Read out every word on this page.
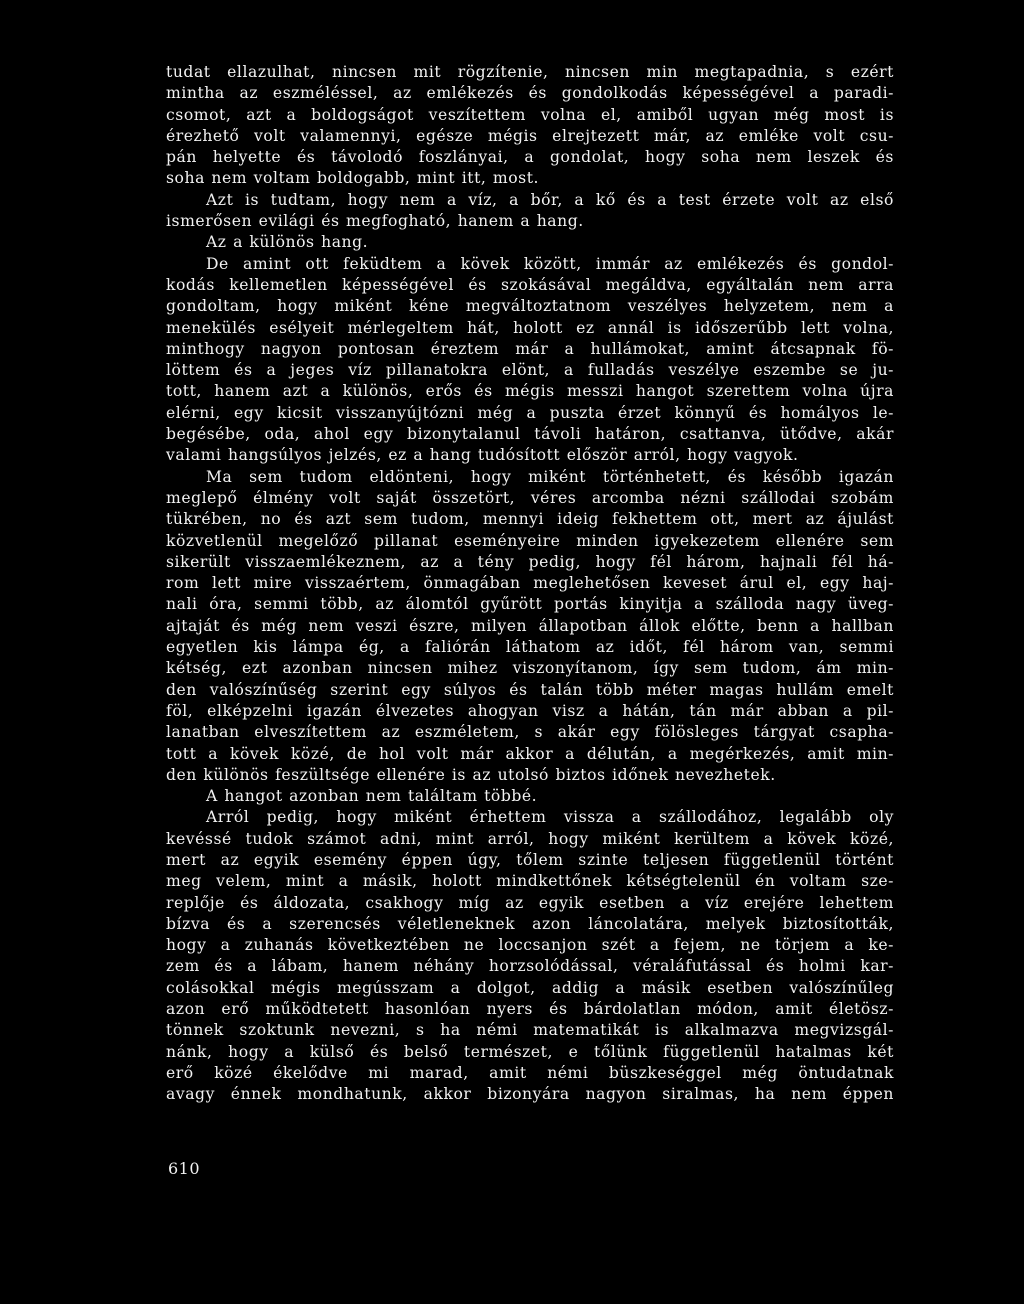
tudat ellazulhat, nincsen mit rögzítenie, nincsen min megtapadnia, s ezért
mintha az eszméléssel, az emlékezés és gondolkodás képességével a paradi-
csomot, azt a boldogságot veszítettem volna el, amiből ugyan még most is
érezhető volt valamennyi, egésze mégis elrejtezett már, az emléke volt csu-
pán helyette és távolodó foszlányai, a gondolat, hogy soha nem leszek és
soha nem voltam boldogabb, mint itt, most.

Azt is tudtam, hogy nem a víz, a bőr, a kő és a test érzete volt az első
ismerősen evilági és megfogható, hanem a hang.

Az a különös hang.

De amint ott feküdtem a kövek között, immár az emlékezés és gondol-
kodás kellemetlen képességével és szokásával megáldva, egyáltalán nem arra
gondoltam, hogy miként kéne megváltoztatnom veszélyes helyzetem, nem a
menekülés esélyeit mérlegeltem hát, holott ez annál is időszerűbb lett volna,
minthogy nagyon pontosan éreztem már a hullámokat, amint átcsapnak fö-
löttem és a jeges víz pillanatokra elönt, a fulladás veszélye eszembe se ju-
tott, hanem azt a különös, erős és mégis messzi hangot szerettem volna újra
elérni, egy kicsit visszanyújtózni még a puszta érzet könnyű és homályos le-
begésébe, oda, ahol egy bizonytalanul távoli határon, csattanva, ütődve, akár
valami hangsúlyos jelzés, ez a hang tudósított először arról, hogy vagyok.

Ma sem tudom eldönteni, hogy miként történhetett, és később igazán
meglepő élmény volt saját összetört, véres arcomba nézni szállodai szobám
tükrében, no és azt sem tudom, mennyi ideig fekhettem ott, mert az ájulást
közvetlenül megelőző pillanat eseményeire minden igyekezetem ellenére sem
sikerült visszaemlékeznem, az a tény pedig, hogy fél három, hajnali fél há-
rom lett mire visszaértem, önmagában meglehetősen keveset árul el, egy haj-
nali óra, semmi több, az álomtól gyűrött portás kinyitja a szálloda nagy üveg-
ajtaját és még nem veszi észre, milyen állapotban állok előtte, benn a hallban
egyetlen kis lámpa ég, a faliórán láthatom az időt, fél három van, semmi
kétség, ezt azonban nincsen mihez viszonyítanom, így sem tudom, ám min-
den valószínűség szerint egy súlyos és talán több méter magas hullám emelt
föl, elképzelni igazán élvezetes ahogyan visz a hátán, tán már abban a pil-
lanatban elveszítettem az eszméletem, s akár egy fölösleges tárgyat csapha-
tott a kövek közé, de hol volt már akkor a délután, a megérkezés, amit min-
den különös feszültsége ellenére is az utolsó biztos időnek nevezhetek.

A hangot azonban nem találtam többé.

Arról pedig, hogy miként érhettem vissza a szállodához, legalább oly
kevéssé tudok számot adni, mint arról, hogy miként kerültem a kövek közé,
mert az egyik esemény éppen úgy, tőlem szinte teljesen függetlenül történt
meg velem, mint a másik, holott mindkettőnek kétségtelenül én voltam sze-
replője és áldozata, csakhogy míg az egyik esetben a víz erejére lehettem
bízva és a szerencsés véletleneknek azon láncolatára, melyek biztosították,
hogy a zuhanás következtében ne loccsanjon szét a fejem, ne törjem a ke-
zem és a lábam, hanem néhány horzsolódással, véraláfutással és holmi kar-
colásokkal mégis megússzam a dolgot, addig a másik esetben valószínűleg
azon erő működtetett hasonlóan nyers és bárdolatlan módon, amit életösz-
tönnek szoktunk nevezni, s ha némi matematikát is alkalmazva megvizsgál-
nánk, hogy a külső és belső természet, e tőlünk függetlenül hatalmas két
erő közé ékelődve mi marad, amit némi büszkeséggel még öntudatnak
avagy énnek mondhatunk, akkor bizonyára nagyon siralmas, ha nem éppen

610
